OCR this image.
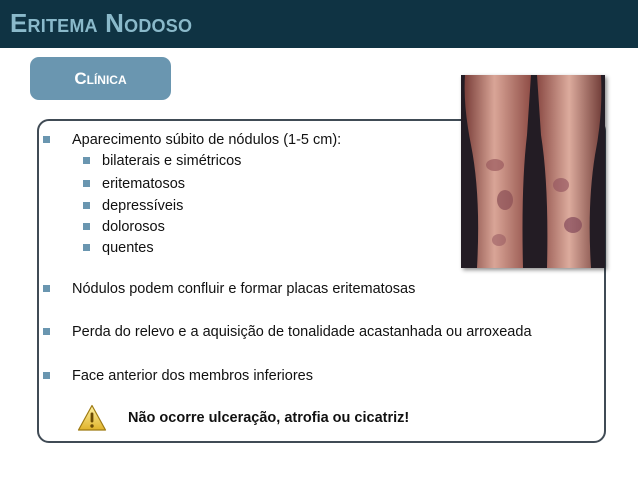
Eritema Nodoso
Clínica
Aparecimento súbito de nódulos (1-5 cm):
bilaterais e simétricos
eritematosos
depressíveis
dolorosos
quentes
Nódulos podem confluir e formar placas eritematosas
Perda do relevo e a aquisição de tonalidade acastanhada ou arroxeada
Face anterior dos membros inferiores
Não ocorre ulceração, atrofia ou cicatriz!
